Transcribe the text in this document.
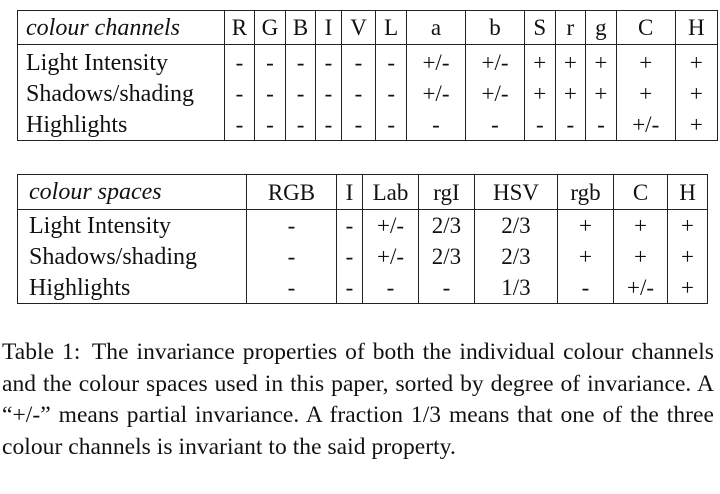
colour channels	R	G	B	I	V	L	a	b	S	r	g	C	H
Light Intensity	-	-	-	-	-	-	+/-	+/-	+	+	+	+	+
Shadows/shading	-	-	-	-	-	-	+/-	+/-	+	+	+	+	+
Highlights	-	-	-	-	-	-	-	-	-	-	-	+/-	+
colour spaces	RGB	I	Lab	rgI	HSV	rgb	C	H
Light Intensity	-	-	+/-	2/3	2/3	+	+	+
Shadows/shading	-	-	+/-	2/3	2/3	+	+	+
Highlights	-	-	-	-	1/3	-	+/-	+
Table 1: The invariance properties of both the individual colour channels and the colour spaces used in this paper, sorted by degree of invariance. A “+/-” means partial invariance. A fraction 1/3 means that one of the three colour channels is invariant to the said property.
